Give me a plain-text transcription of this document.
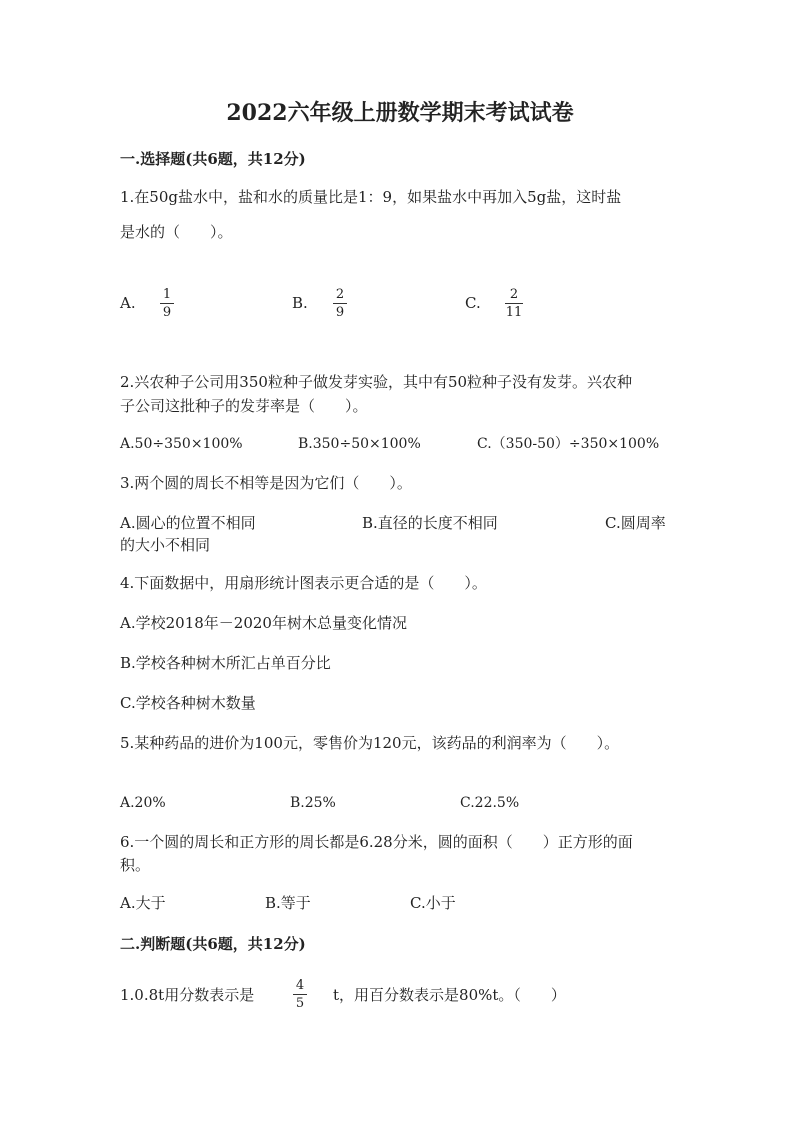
2022六年级上册数学期末考试试卷
一.选择题(共6题，共12分)
1.在50g盐水中，盐和水的质量比是1：9，如果盐水中再加入5g盐，这时盐
是水的（　　）。
A. 1
9
B. 2
9
C. 2
11
2.兴农种子公司用350粒种子做发芽实验，其中有50粒种子没有发芽。兴农种
子公司这批种子的发芽率是（　　）。
A.50÷350×100%	B.350÷50×100%	C.（350-50）÷350×100%
3.两个圆的周长不相等是因为它们（　　）。
A.圆心的位置不相同	B.直径的长度不相同	C.圆周率
的大小不相同
4.下面数据中，用扇形统计图表示更合适的是（　　）。
A.学校2018年－2020年树木总量变化情况
B.学校各种树木所汇占单百分比
C.学校各种树木数量
5.某种药品的进价为100元，零售价为120元，该药品的利润率为（　　）。
A.20%	B.25%	C.22.5%
6.一个圆的周长和正方形的周长都是6.28分米，圆的面积（　　）正方形的面
积。
A.大于	B.等于	C.小于
二.判断题(共6题，共12分)
1.0.8t用分数表示是
4
5 t，用百分数表示是80%t。（　　）
